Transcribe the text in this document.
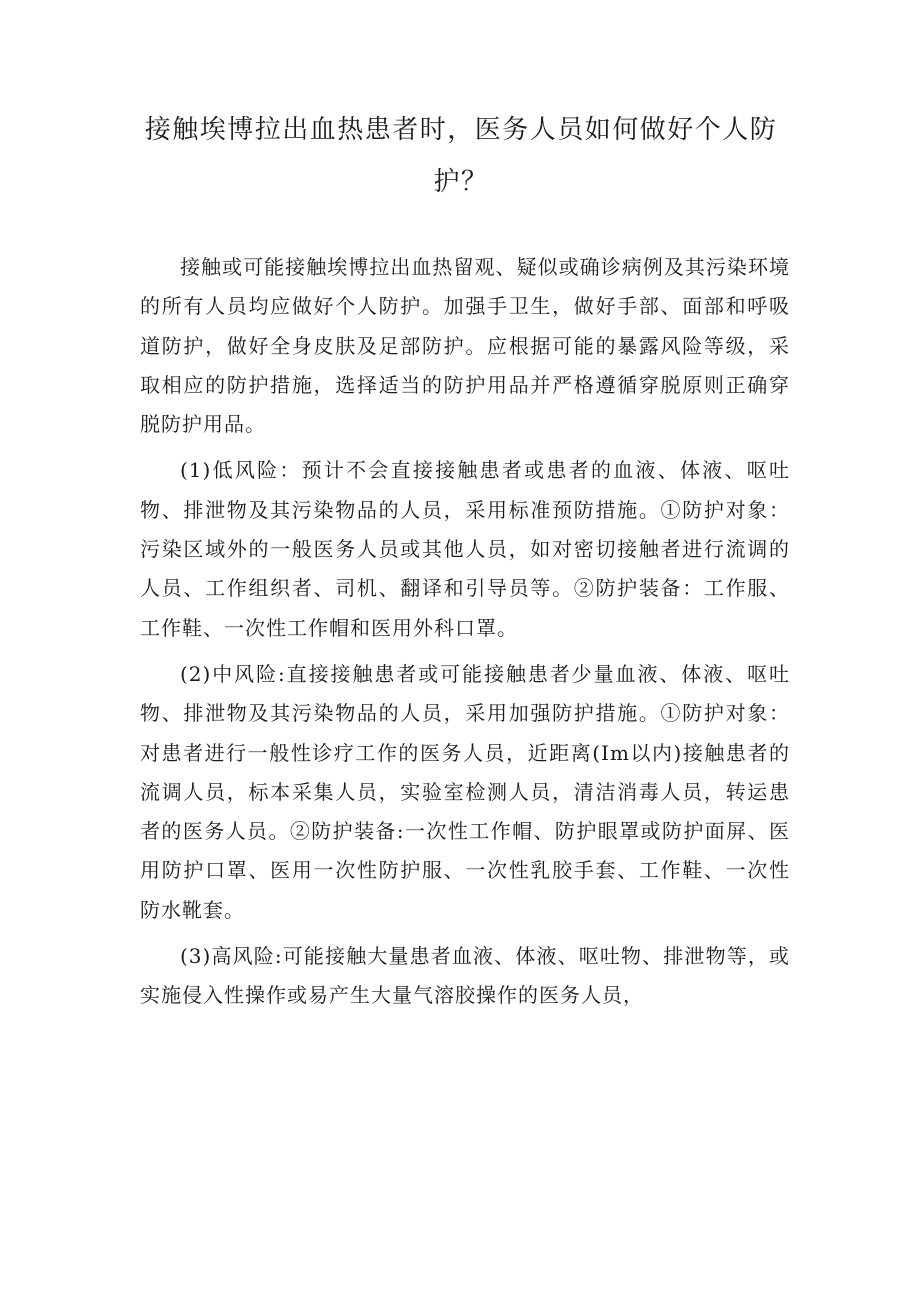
接触埃博拉出血热患者时，医务人员如何做好个人防护？

接触或可能接触埃博拉出血热留观、疑似或确诊病例及其污染环境的所有人员均应做好个人防护。加强手卫生，做好手部、面部和呼吸道防护，做好全身皮肤及足部防护。应根据可能的暴露风险等级，采取相应的防护措施，选择适当的防护用品并严格遵循穿脱原则正确穿脱防护用品。

(1)低风险：预计不会直接接触患者或患者的血液、体液、呕吐物、排泄物及其污染物品的人员，采用标准预防措施。①防护对象：污染区域外的一般医务人员或其他人员，如对密切接触者进行流调的人员、工作组织者、司机、翻译和引导员等。②防护装备：工作服、工作鞋、一次性工作帽和医用外科口罩。

(2)中风险:直接接触患者或可能接触患者少量血液、体液、呕吐物、排泄物及其污染物品的人员，采用加强防护措施。①防护对象：对患者进行一般性诊疗工作的医务人员，近距离(Im以内)接触患者的流调人员，标本采集人员，实验室检测人员，清洁消毒人员，转运患者的医务人员。②防护装备:一次性工作帽、防护眼罩或防护面屏、医用防护口罩、医用一次性防护服、一次性乳胶手套、工作鞋、一次性防水靴套。

(3)高风险:可能接触大量患者血液、体液、呕吐物、排泄物等，或实施侵入性操作或易产生大量气溶胶操作的医务人员，
